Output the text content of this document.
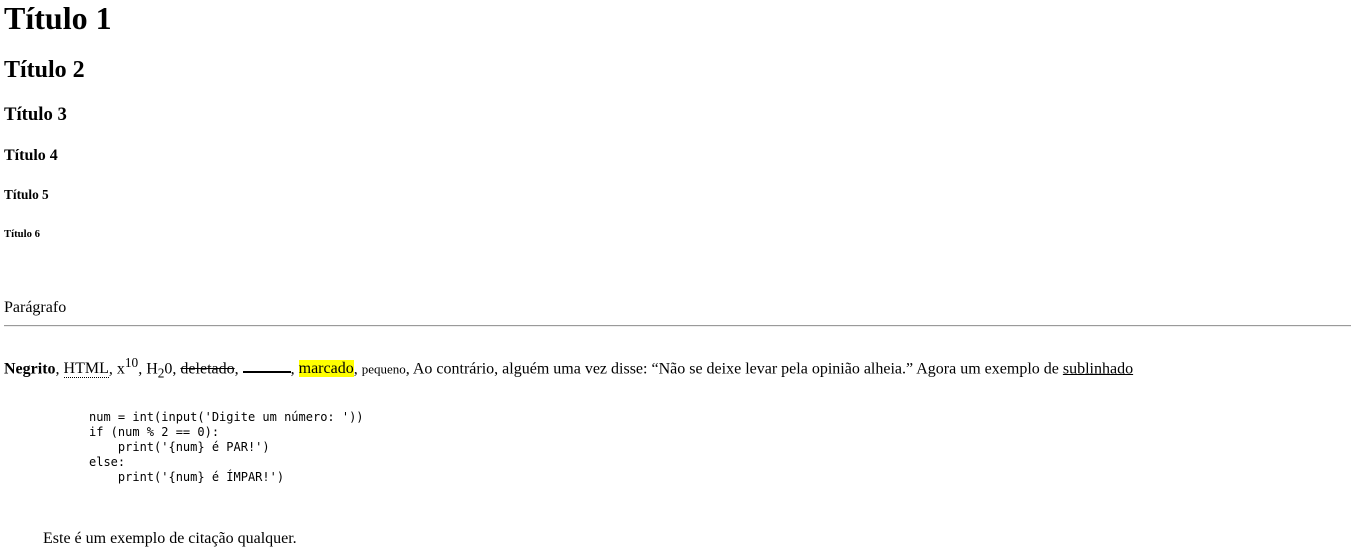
Título 1
Título 2
Título 3
Título 4
Título 5
Título 6

Parágrafo

Negrito, HTML, $x^{10}$, $H_20$, deletado,	, marcado, pequeno, Ao contrário, alguém uma vez disse: “Não se deixe levar pela opinião alheia.” Agora um exemplo de sublinhado

num = int(input('Digite um número: '))
if (num % 2 == 0):
print('{num} é PAR!')
else:
print('{num} é ÍMPAR!')
Este é um exemplo de citação qualquer.
